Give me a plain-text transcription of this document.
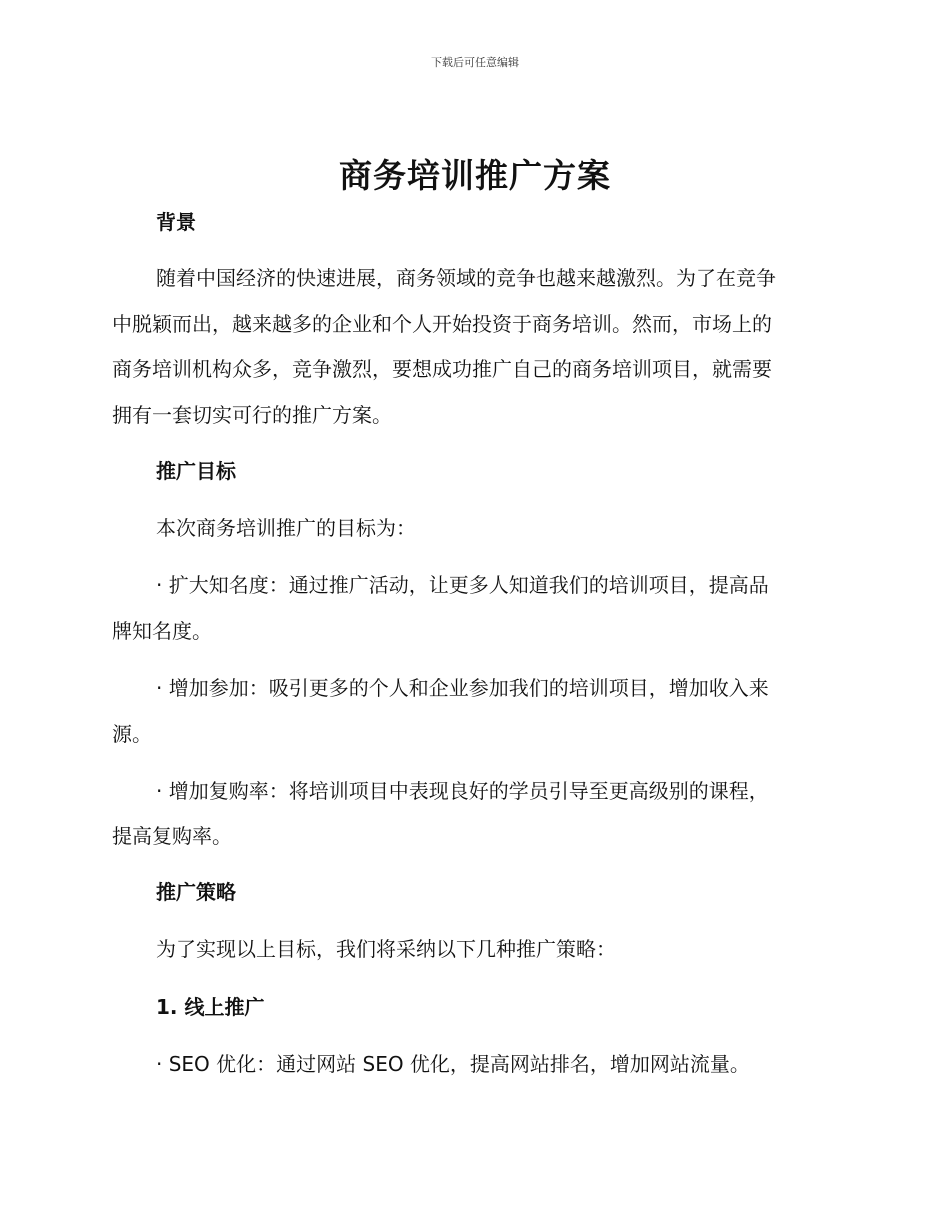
下载后可任意编辑
商务培训推广方案
背景
随着中国经济的快速进展，商务领域的竞争也越来越激烈。为了在竞争
中脱颖而出，越来越多的企业和个人开始投资于商务培训。然而，市场上的
商务培训机构众多，竞争激烈，要想成功推广自己的商务培训项目，就需要
拥有一套切实可行的推广方案。
推广目标
本次商务培训推广的目标为：
· 扩大知名度：通过推广活动，让更多人知道我们的培训项目，提高品
牌知名度。
· 增加参加：吸引更多的个人和企业参加我们的培训项目，增加收入来
源。
· 增加复购率：将培训项目中表现良好的学员引导至更高级别的课程，
提高复购率。
推广策略
为了实现以上目标，我们将采纳以下几种推广策略：
1. 线上推广
· SEO 优化：通过网站 SEO 优化，提高网站排名，增加网站流量。
